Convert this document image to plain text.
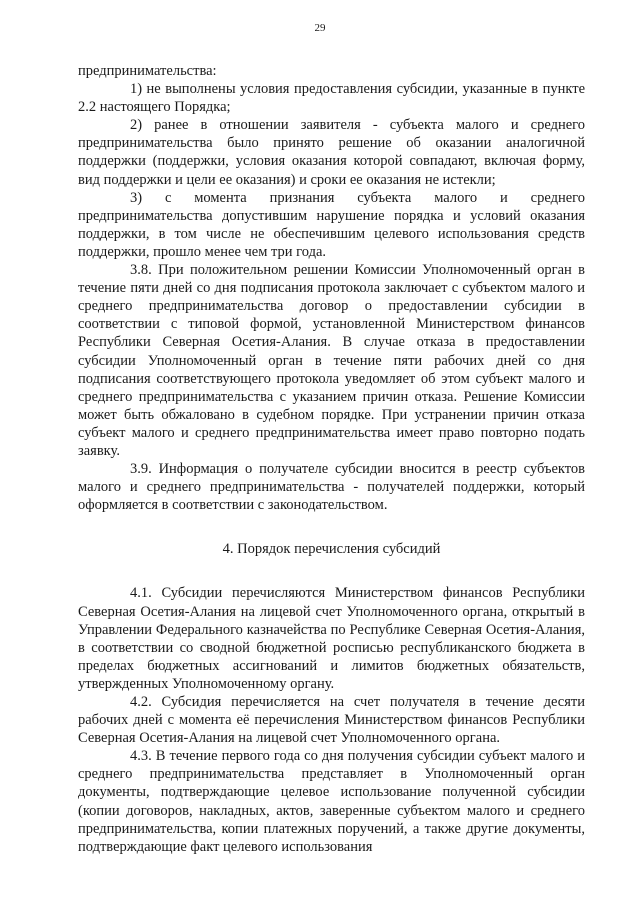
29

предпринимательства:

1) не выполнены условия предоставления субсидии, указанные в пункте 2.2 настоящего Порядка;

2) ранее в отношении заявителя - субъекта малого и среднего предпринимательства было принято решение об оказании аналогичной поддержки (поддержки, условия оказания которой совпадают, включая форму, вид поддержки и цели ее оказания) и сроки ее оказания не истекли;

3) с момента признания субъекта малого и среднего предпринимательства допустившим нарушение порядка и условий оказания поддержки, в том числе не обеспечившим целевого использования средств поддержки, прошло менее чем три года.

3.8. При положительном решении Комиссии Уполномоченный орган в течение пяти дней со дня подписания протокола заключает с субъектом малого и среднего предпринимательства договор о предоставлении субсидии в соответствии с типовой формой, установленной Министерством финансов Республики Северная Осетия-Алания. В случае отказа в предоставлении субсидии Уполномоченный орган в течение пяти рабочих дней со дня подписания соответствующего протокола уведомляет об этом субъект малого и среднего предпринимательства с указанием причин отказа. Решение Комиссии может быть обжаловано в судебном порядке. При устранении причин отказа субъект малого и среднего предпринимательства имеет право повторно подать заявку.

3.9. Информация о получателе субсидии вносится в реестр субъектов малого и среднего предпринимательства - получателей поддержки, который оформляется в соответствии с законодательством.

4. Порядок перечисления субсидий

4.1. Субсидии перечисляются Министерством финансов Республики Северная Осетия-Алания на лицевой счет Уполномоченного органа, открытый в Управлении Федерального казначейства по Республике Северная Осетия-Алания, в соответствии со сводной бюджетной росписью республиканского бюджета в пределах бюджетных ассигнований и лимитов бюджетных обязательств, утвержденных Уполномоченному органу.

4.2. Субсидия перечисляется на счет получателя в течение десяти рабочих дней с момента её перечисления Министерством финансов Республики Северная Осетия-Алания на лицевой счет Уполномоченного органа.

4.3. В течение первого года со дня получения субсидии субъект малого и среднего предпринимательства представляет в Уполномоченный орган документы, подтверждающие целевое использование полученной субсидии (копии договоров, накладных, актов, заверенные субъектом малого и среднего предпринимательства, копии платежных поручений, а также другие документы, подтверждающие факт целевого использования
